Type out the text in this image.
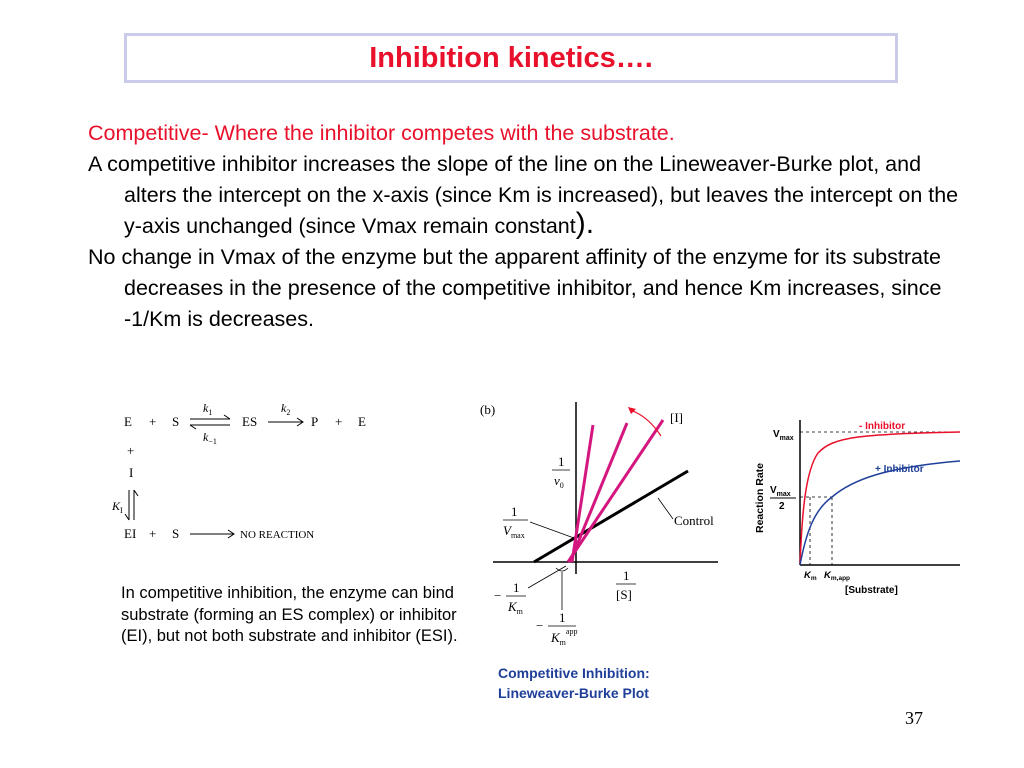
Inhibition kinetics….

Competitive- Where the inhibitor competes with the substrate.

A competitive inhibitor increases the slope of the line on the Lineweaver-Burke plot, and alters the intercept on the x-axis (since Km is increased), but leaves the intercept on the y-axis unchanged (since Vmax remain constant).

No change in Vmax of the enzyme but the apparent affinity of the enzyme for its substrate decreases in the presence of the competitive inhibitor, and hence Km increases, since -1/Km is decreases.

E + S
$k_1$
$k_{-1}$
ES
$k_2$
P + E
+
I
$K_I$
EI + S	NO REACTION
(b)
1
$v_0$
1
$V_{max}$
[I]
Control
−
1
$K_m$
−
1
$K_m^{app}$
1
[S]
Reaction Rate
$V_{max}$
$V_{max}$
2
- Inhibitor
+ Inhibitor
$K_m$ $K_{m,app}$
[Substrate]
In competitive inhibition, the enzyme can bind substrate (forming an ES complex) or inhibitor (EI), but not both substrate and inhibitor (ESI).
Competitive Inhibition: Lineweaver-Burke Plot
37
